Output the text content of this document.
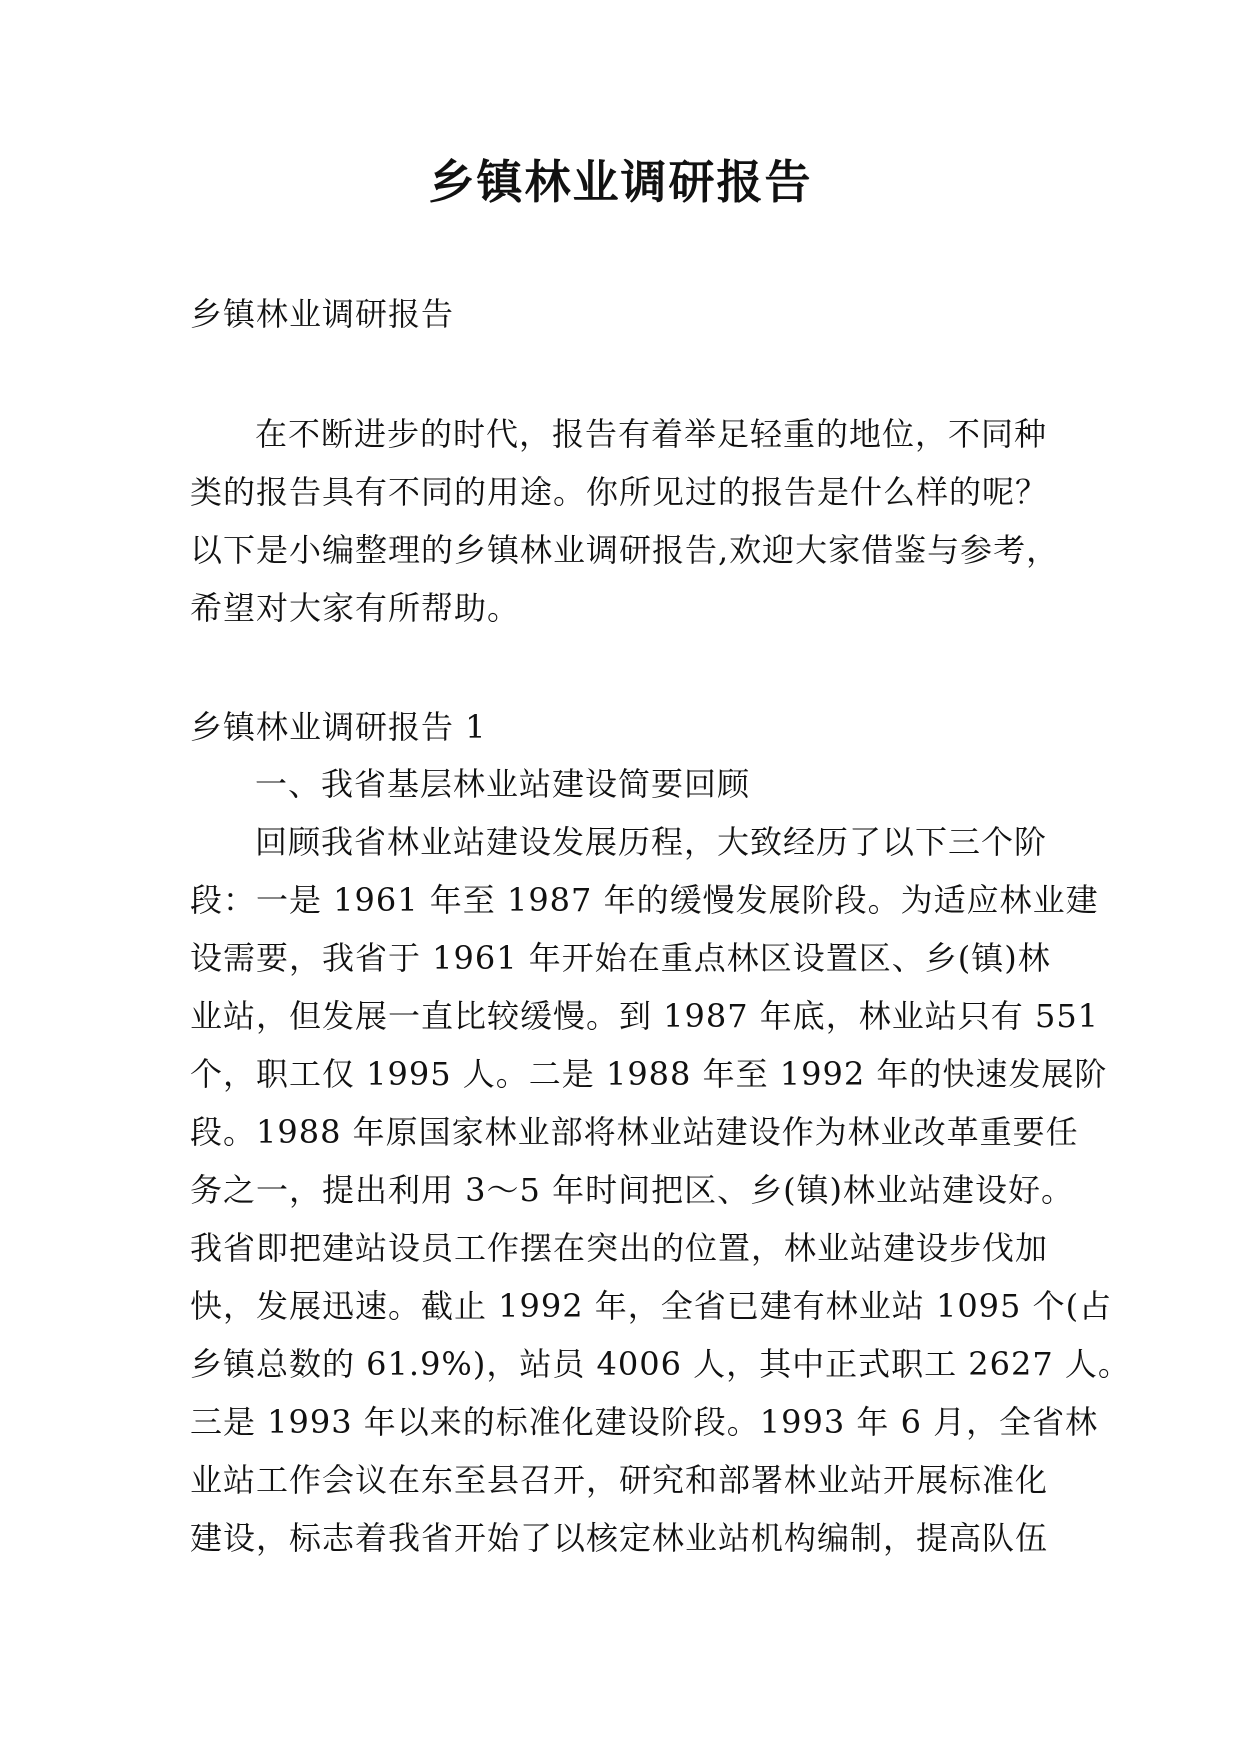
乡镇林业调研报告
乡镇林业调研报告
在不断进步的时代，报告有着举足轻重的地位，不同种
类的报告具有不同的用途。你所见过的报告是什么样的呢？
以下是小编整理的乡镇林业调研报告,欢迎大家借鉴与参考，
希望对大家有所帮助。
乡镇林业调研报告 1
一、我省基层林业站建设简要回顾
回顾我省林业站建设发展历程，大致经历了以下三个阶
段：一是 1961 年至 1987 年的缓慢发展阶段。为适应林业建
设需要，我省于 1961 年开始在重点林区设置区、乡(镇)林
业站，但发展一直比较缓慢。到 1987 年底，林业站只有 551
个，职工仅 1995 人。二是 1988 年至 1992 年的快速发展阶
段。1988 年原国家林业部将林业站建设作为林业改革重要任
务之一，提出利用 3～5 年时间把区、乡(镇)林业站建设好。
我省即把建站设员工作摆在突出的位置，林业站建设步伐加
快，发展迅速。截止 1992 年，全省已建有林业站 1095 个(占
乡镇总数的 61.9%)，站员 4006 人，其中正式职工 2627 人。
三是 1993 年以来的标准化建设阶段。1993 年 6 月，全省林
业站工作会议在东至县召开，研究和部署林业站开展标准化
建设，标志着我省开始了以核定林业站机构编制，提高队伍
